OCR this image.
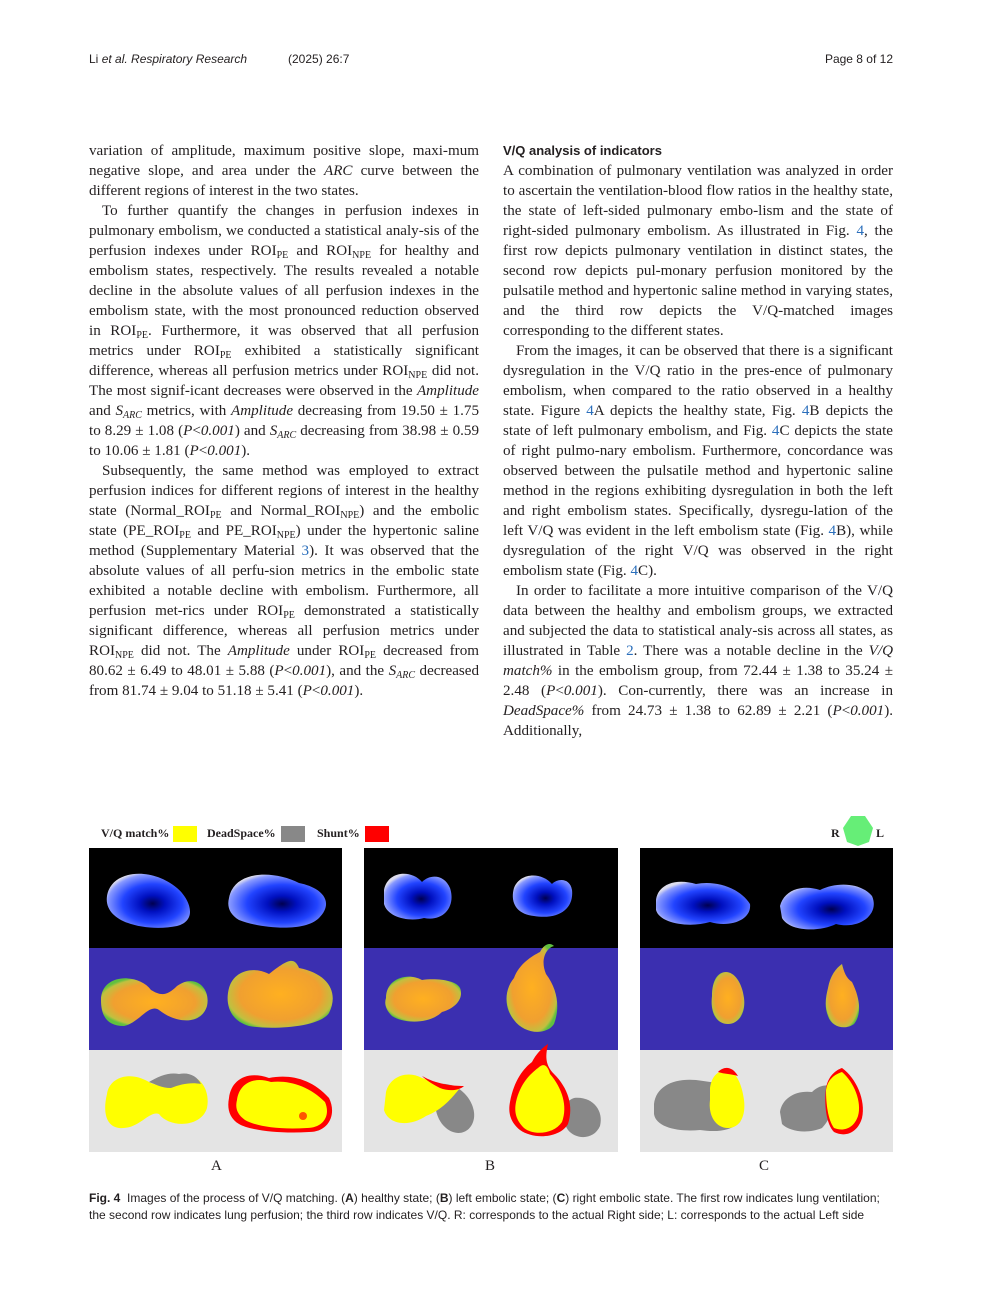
Li et al. Respiratory Research	(2025) 26:7	Page 8 of 12

variation of amplitude, maximum positive slope, maxi-mum negative slope, and area under the ARC curve between the different regions of interest in the two states.

To further quantify the changes in perfusion indexes in pulmonary embolism, we conducted a statistical analy-sis of the perfusion indexes under $ROI_{PE}$ and $ROI_{NPE}$ for healthy and embolism states, respectively. The results revealed a notable decline in the absolute values of all perfusion indexes in the embolism state, with the most pronounced reduction observed in $ROI_{PE}$. Furthermore, it was observed that all perfusion metrics under $ROI_{PE}$ exhibited a statistically significant difference, whereas all perfusion metrics under $ROI_{NPE}$ did not. The most signif-icant decreases were observed in the Amplitude and $S_{ARC}$ metrics, with Amplitude decreasing from 19.50 ± 1.75 to 8.29 ± 1.08 (P<0.001) and $S_{ARC}$ decreasing from 38.98 ± 0.59 to 10.06 ± 1.81 (P<0.001).

Subsequently, the same method was employed to extract perfusion indices for different regions of interest in the healthy state ($Normal\_ROI_{PE}$ and $Normal\_ROI_{NPE}$) and the embolic state ($PE\_ROI_{PE}$ and $PE\_ROI_{NPE}$) under the hypertonic saline method (Supplementary Material 3). It was observed that the absolute values of all perfu-sion metrics in the embolic state exhibited a notable decline with embolism. Furthermore, all perfusion met-rics under $ROI_{PE}$ demonstrated a statistically significant difference, whereas all perfusion metrics under $ROI_{NPE}$ did not. The Amplitude under $ROI_{PE}$ decreased from 80.62 ± 6.49 to 48.01 ± 5.88 (P<0.001), and the $S_{ARC}$ decreased from 81.74 ± 9.04 to 51.18 ± 5.41 (P<0.001).

V/Q analysis of indicators

A combination of pulmonary ventilation was analyzed in order to ascertain the ventilation-blood flow ratios in the healthy state, the state of left-sided pulmonary embo-lism and the state of right-sided pulmonary embolism. As illustrated in Fig. 4, the first row depicts pulmonary ventilation in distinct states, the second row depicts pul-monary perfusion monitored by the pulsatile method and hypertonic saline method in varying states, and the third row depicts the V/Q-matched images corresponding to the different states.

From the images, it can be observed that there is a significant dysregulation in the V/Q ratio in the pres-ence of pulmonary embolism, when compared to the ratio observed in a healthy state. Figure 4A depicts the healthy state, Fig. 4B depicts the state of left pulmonary embolism, and Fig. 4C depicts the state of right pulmo-nary embolism. Furthermore, concordance was observed between the pulsatile method and hypertonic saline method in the regions exhibiting dysregulation in both the left and right embolism states. Specifically, dysregu-lation of the left V/Q was evident in the left embolism state (Fig. 4B), while dysregulation of the right V/Q was observed in the right embolism state (Fig. 4C).

In order to facilitate a more intuitive comparison of the V/Q data between the healthy and embolism groups, we extracted and subjected the data to statistical analy-sis across all states, as illustrated in Table 2. There was a notable decline in the V/Q match% in the embolism group, from 72.44 ± 1.38 to 35.24 ± 2.48 (P<0.001). Con-currently, there was an increase in DeadSpace% from 24.73 ± 1.38 to 62.89 ± 2.21 (P<0.001). Additionally,

V/Q match%	DeadSpace%	Shunt%	R	L
A	B	C
Fig. 4 Images of the process of V/Q matching. (A) healthy state; (B) left embolic state; (C) right embolic state. The first row indicates lung ventilation; the second row indicates lung perfusion; the third row indicates V/Q. R: corresponds to the actual Right side; L: corresponds to the actual Left side
